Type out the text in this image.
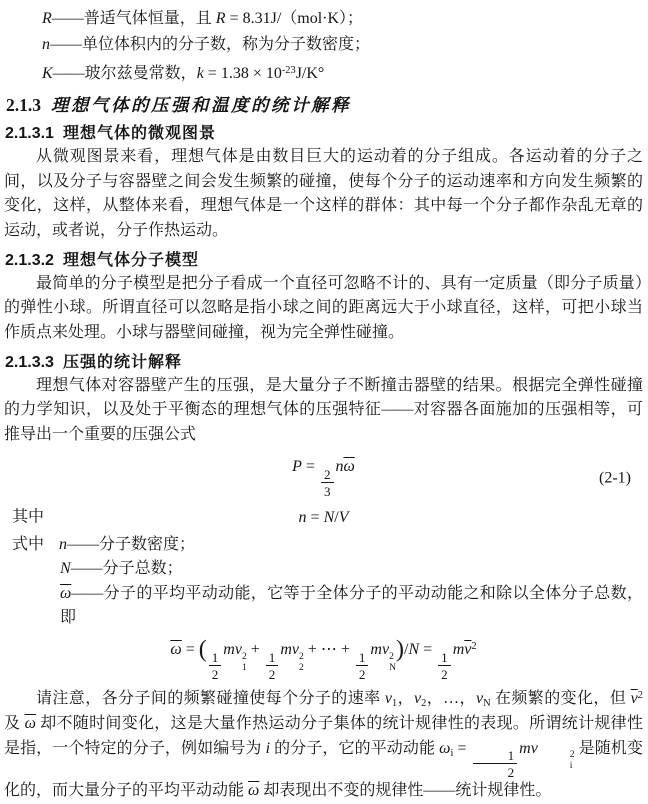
R——普适气体恒量，且 R = 8.31J/（mol·K）；
n——单位体积内的分子数，称为分子数密度；
K——玻尔兹曼常数，$k = 1.38 \times 10^{-23}J/K^\circ$
2.1.3 理想气体的压强和温度的统计解释
2.1.3.1 理想气体的微观图景

从微观图景来看，理想气体是由数目巨大的运动着的分子组成。各运动着的分子之间，以及分子与容器壁之间会发生频繁的碰撞，使每个分子的运动速率和方向发生频繁的变化，这样，从整体来看，理想气体是一个这样的群体：其中每一个分子都作杂乱无章的运动，或者说，分子作热运动。

2.1.3.2 理想气体分子模型

最简单的分子模型是把分子看成一个直径可忽略不计的、具有一定质量（即分子质量）的弹性小球。所谓直径可以忽略是指小球之间的距离远大于小球直径，这样，可把小球当作质点来处理。小球与器壁间碰撞，视为完全弹性碰撞。

2.1.3.3 压强的统计解释

理想气体对容器壁产生的压强，是大量分子不断撞击器壁的结果。根据完全弹性碰撞的力学知识，以及处于平衡态的理想气体的压强特征——对容器各面施加的压强相等，可推导出一个重要的压强公式

P =
$\frac{2}{3}$
$n\overline{\omega}$
(2-1)
其中	n = N/V
式中 n——分子数密度；
N——分子总数；
$\overline{\omega}——$分子的平均平动动能，它等于全体分子的平动动能之和除以全体分子总数，即
$\overline{\omega}$ = (
$\frac{1}{2}$
mv 2
1
+
$\frac{1}{2}$
mv 2
2
+ ⋯ +
$\frac{1}{2}$
mv 2
N
)/N =
$\frac{1}{2}$
$m\overline{v}^2$

请注意，各分子间的频繁碰撞使每个分子的速率 $v_1$，$v_2$，…，$v_N$ 在频繁的变化，但 $\overline{v}^2$ 及 $\overline{\omega}$ 却不随时间变化，这是大量作热运动分子集体的统计规律性的表现。所谓统计规律性是指，一个特定的分子，例如编号为 i 的分子，它的平动动能 $\omega_i$ =
$\frac{1}{2}$
mv	2
i
是随机变化的，而大量分子的平均平动动能 $\overline{\omega}$ 却表现出不变的规律性——统计规律性。
